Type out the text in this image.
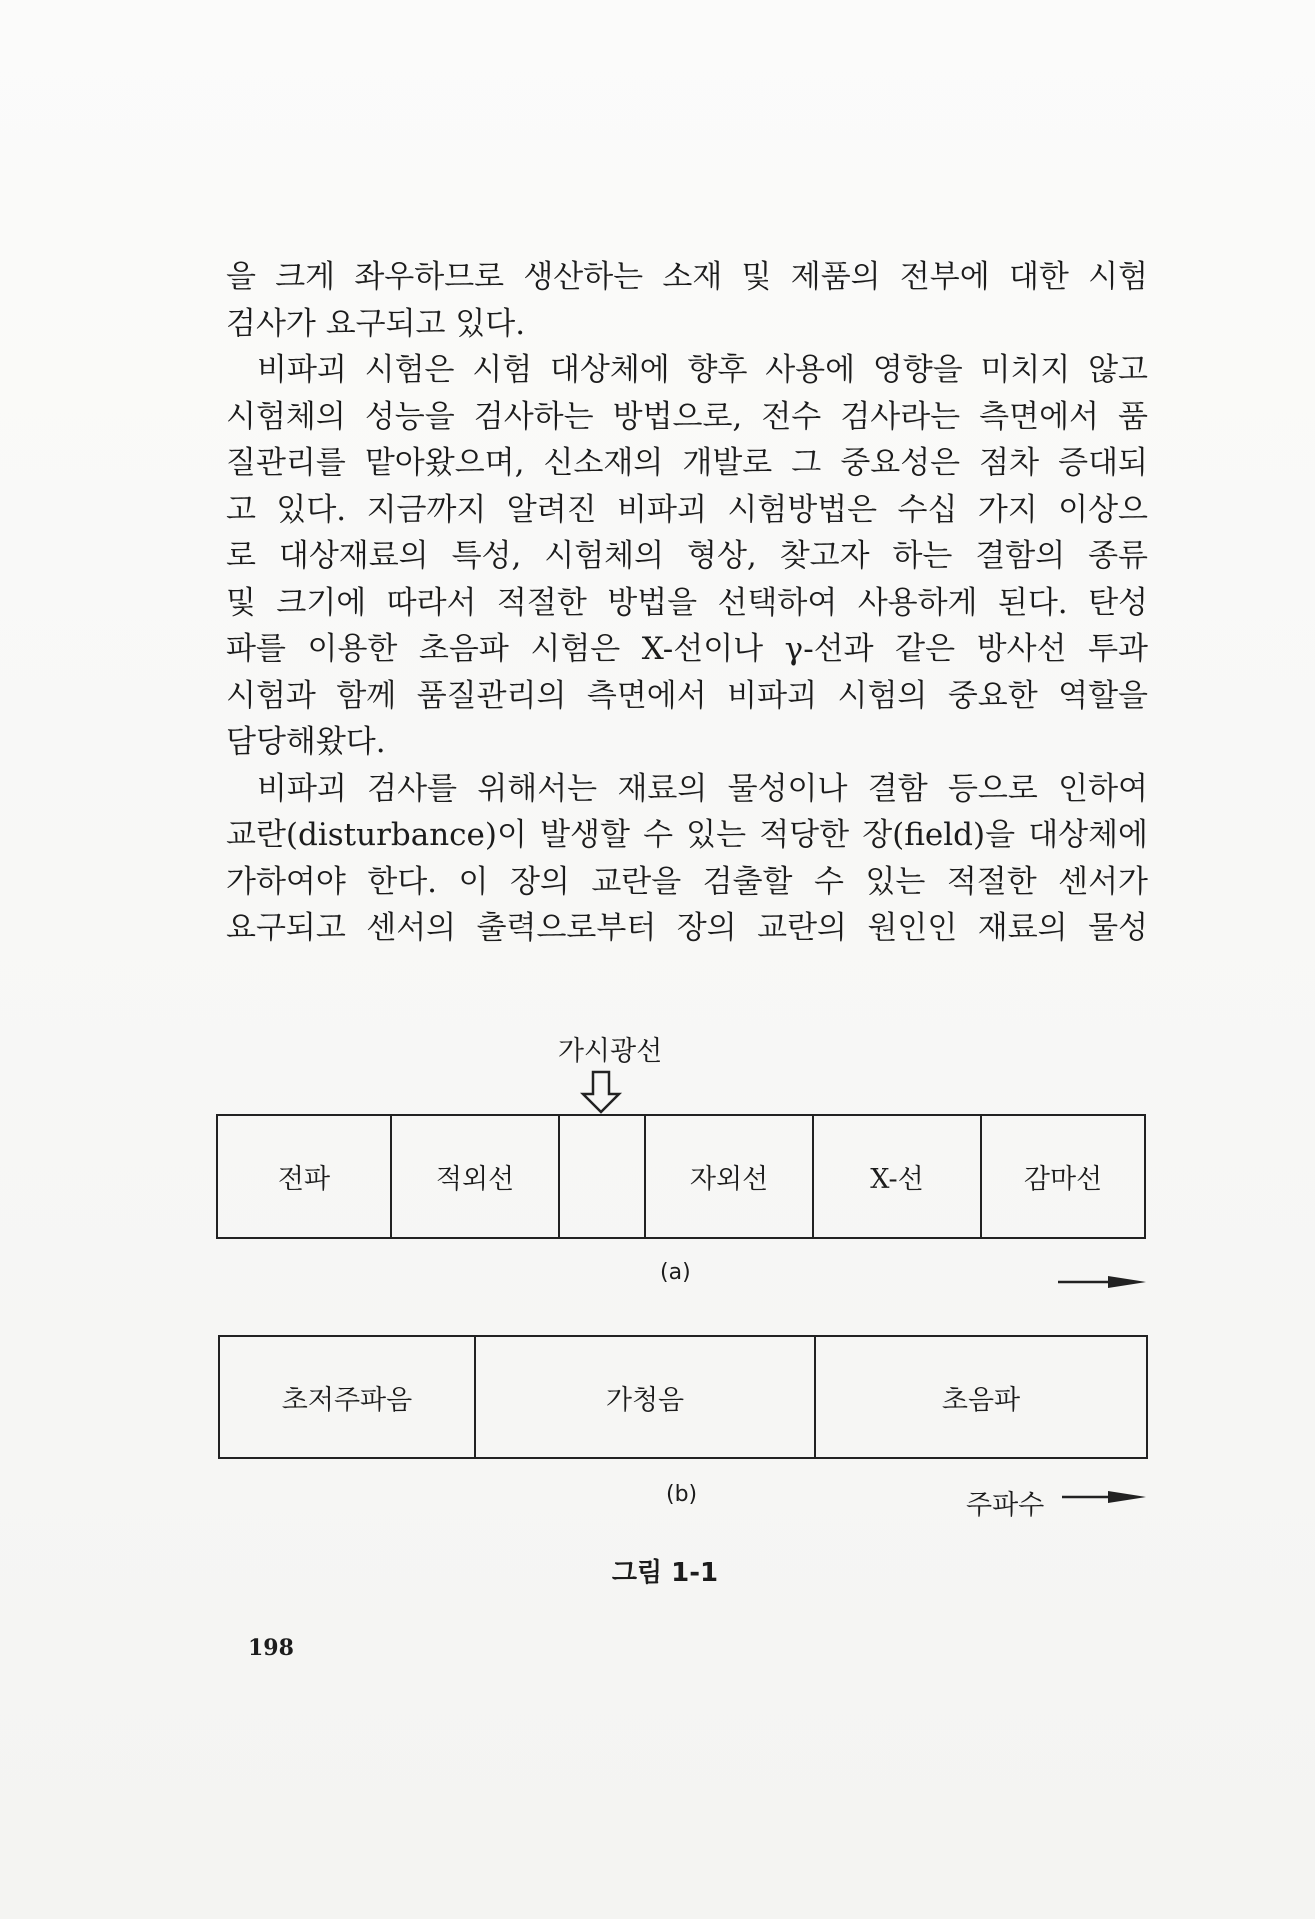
을 크게 좌우하므로 생산하는 소재 및 제품의 전부에 대한 시험
검사가 요구되고 있다.
비파괴 시험은 시험 대상체에 향후 사용에 영향을 미치지 않고
시험체의 성능을 검사하는 방법으로, 전수 검사라는 측면에서 품
질관리를 맡아왔으며, 신소재의 개발로 그 중요성은 점차 증대되
고 있다. 지금까지 알려진 비파괴 시험방법은 수십 가지 이상으
로 대상재료의 특성, 시험체의 형상, 찾고자 하는 결함의 종류
및 크기에 따라서 적절한 방법을 선택하여 사용하게 된다. 탄성
파를 이용한 초음파 시험은 X-선이나 γ-선과 같은 방사선 투과
시험과 함께 품질관리의 측면에서 비파괴 시험의 중요한 역할을
담당해왔다.
비파괴 검사를 위해서는 재료의 물성이나 결함 등으로 인하여
교란(disturbance)이 발생할 수 있는 적당한 장(field)을 대상체에
가하여야 한다. 이 장의 교란을 검출할 수 있는 적절한 센서가
요구되고 센서의 출력으로부터 장의 교란의 원인인 재료의 물성
가시광선
전파	적외선	자외선	X-선	감마선
(a)
초저주파음	가청음	초음파
(b)	주파수
그림 1-1
198
